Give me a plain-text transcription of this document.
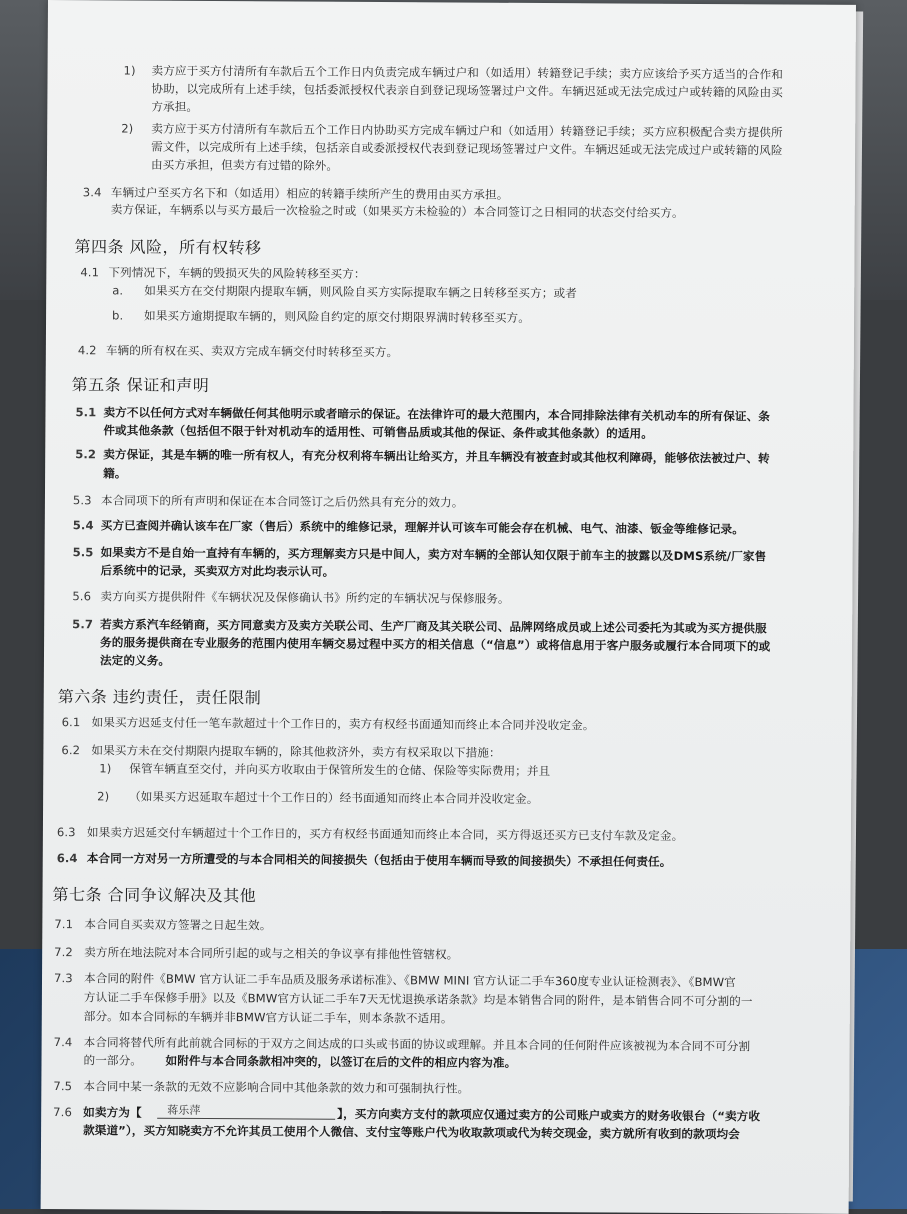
1) 卖方应于买方付清所有车款后五个工作日内负责完成车辆过户和（如适用）转籍登记手续；卖方应该给予买方适当的合作和
协助，以完成所有上述手续，包括委派授权代表亲自到登记现场签署过户文件。车辆迟延或无法完成过户或转籍的风险由买
方承担。
2) 卖方应于买方付清所有车款后五个工作日内协助买方完成车辆过户和（如适用）转籍登记手续；买方应积极配合卖方提供所
需文件，以完成所有上述手续，包括亲自或委派授权代表到登记现场签署过户文件。车辆迟延或无法完成过户或转籍的风险
由买方承担，但卖方有过错的除外。
3.4 车辆过户至买方名下和（如适用）相应的转籍手续所产生的费用由买方承担。
卖方保证，车辆系以与买方最后一次检验之时或（如果买方未检验的）本合同签订之日相同的状态交付给买方。
第四条 风险，所有权转移
4.1 下列情况下，车辆的毁损灭失的风险转移至买方：
a. 如果买方在交付期限内提取车辆，则风险自买方实际提取车辆之日转移至买方；或者
b. 如果买方逾期提取车辆的，则风险自约定的原交付期限界满时转移至买方。
4.2 车辆的所有权在买、卖双方完成车辆交付时转移至买方。
第五条 保证和声明
5.1 卖方不以任何方式对车辆做任何其他明示或者暗示的保证。在法律许可的最大范围内，本合同排除法律有关机动车的所有保证、条
件或其他条款（包括但不限于针对机动车的适用性、可销售品质或其他的保证、条件或其他条款）的适用。
5.2 卖方保证，其是车辆的唯一所有权人，有充分权利将车辆出让给买方，并且车辆没有被查封或其他权利障碍，能够依法被过户、转
籍。
5.3 本合同项下的所有声明和保证在本合同签订之后仍然具有充分的效力。
5.4 买方已查阅并确认该车在厂家（售后）系统中的维修记录，理解并认可该车可能会存在机械、电气、油漆、钣金等维修记录。
5.5 如果卖方不是自始一直持有车辆的，买方理解卖方只是中间人，卖方对车辆的全部认知仅限于前车主的披露以及DMS系统/厂家售
后系统中的记录，买卖双方对此均表示认可。
5.6 卖方向买方提供附件《车辆状况及保修确认书》所约定的车辆状况与保修服务。
5.7 若卖方系汽车经销商，买方同意卖方及卖方关联公司、生产厂商及其关联公司、品牌网络成员或上述公司委托为其或为买方提供服
务的服务提供商在专业服务的范围内使用车辆交易过程中买方的相关信息（“信息”）或将信息用于客户服务或履行本合同项下的或
法定的义务。
第六条 违约责任，责任限制
6.1 如果买方迟延支付任一笔车款超过十个工作日的，卖方有权经书面通知而终止本合同并没收定金。
6.2 如果买方未在交付期限内提取车辆的，除其他救济外，卖方有权采取以下措施：
1) 保管车辆直至交付，并向买方收取由于保管所发生的仓储、保险等实际费用；并且
2) （如果买方迟延取车超过十个工作日的）经书面通知而终止本合同并没收定金。
6.3 如果卖方迟延交付车辆超过十个工作日的，买方有权经书面通知而终止本合同，买方得返还买方已支付车款及定金。
6.4 本合同一方对另一方所遭受的与本合同相关的间接损失（包括由于使用车辆而导致的间接损失）不承担任何责任。
第七条 合同争议解决及其他
7.1 本合同自买卖双方签署之日起生效。
7.2 卖方所在地法院对本合同所引起的或与之相关的争议享有排他性管辖权。
7.3 本合同的附件《BMW 官方认证二手车品质及服务承诺标准》、《BMW MINI 官方认证二手车360度专业认证检测表》、《BMW官
方认证二手车保修手册》以及《BMW官方认证二手车7天无忧退换承诺条款》均是本销售合同的附件，是本销售合同不可分割的一
部分。如本合同标的车辆并非BMW官方认证二手车，则本条款不适用。
7.4 本合同将替代所有此前就合同标的于双方之间达成的口头或书面的协议或理解。并且本合同的任何附件应该被视为本合同不可分割
的一部分。 如附件与本合同条款相冲突的，以签订在后的文件的相应内容为准。
7.5 本合同中某一条款的无效不应影响合同中其他条款的效力和可强制执行性。
7.6 如卖方为【 蒋乐萍	】，买方向卖方支付的款项应仅通过卖方的公司账户或卖方的财务收银台（“卖方收
款渠道”），买方知晓卖方不允许其员工使用个人微信、支付宝等账户代为收取款项或代为转交现金，卖方就所有收到的款项均会
